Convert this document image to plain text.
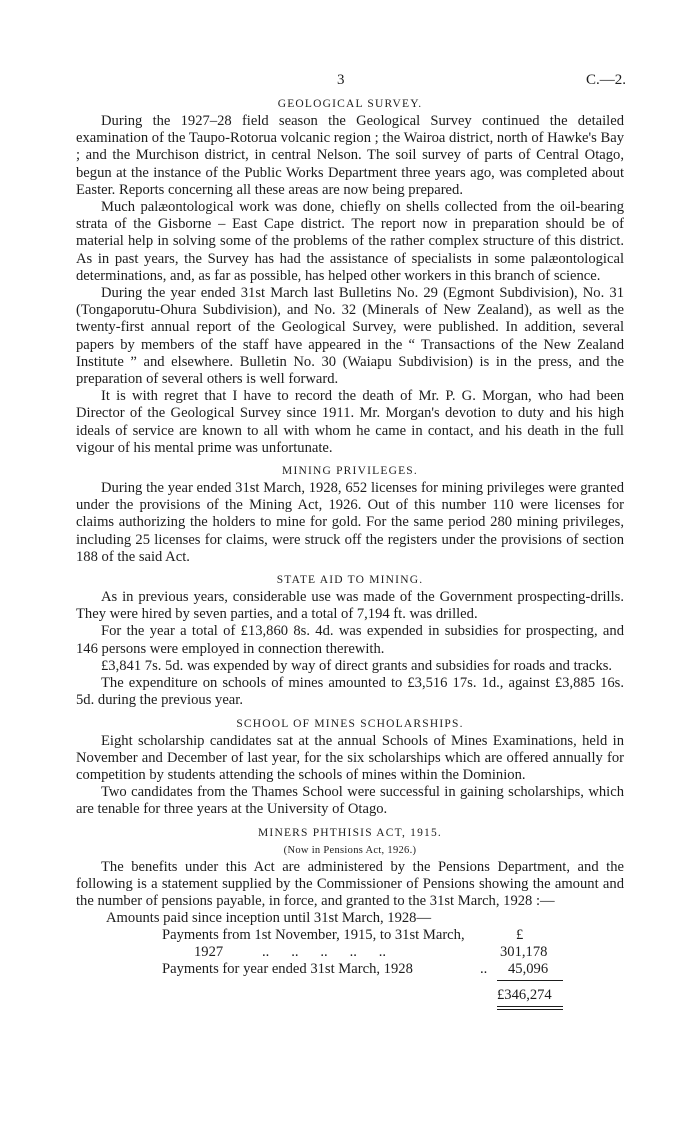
3	C.—2.
GEOLOGICAL SURVEY.

During the 1927–28 field season the Geological Survey continued the detailed examination of the Taupo-Rotorua volcanic region ; the Wairoa district, north of Hawke's Bay ; and the Murchison district, in central Nelson. The soil survey of parts of Central Otago, begun at the instance of the Public Works Department three years ago, was completed about Easter. Reports concerning all these areas are now being prepared.

Much palæontological work was done, chiefly on shells collected from the oil-bearing strata of the Gisborne – East Cape district. The report now in preparation should be of material help in solving some of the problems of the rather complex structure of this district. As in past years, the Survey has had the assistance of specialists in some palæontological determinations, and, as far as possible, has helped other workers in this branch of science.

During the year ended 31st March last Bulletins No. 29 (Egmont Subdivision), No. 31 (Tongaporutu-Ohura Subdivision), and No. 32 (Minerals of New Zealand), as well as the twenty-first annual report of the Geological Survey, were published. In addition, several papers by members of the staff have appeared in the “ Transactions of the New Zealand Institute ” and elsewhere. Bulletin No. 30 (Waiapu Subdivision) is in the press, and the preparation of several others is well forward.

It is with regret that I have to record the death of Mr. P. G. Morgan, who had been Director of the Geological Survey since 1911. Mr. Morgan's devotion to duty and his high ideals of service are known to all with whom he came in contact, and his death in the full vigour of his mental prime was unfortunate.

MINING PRIVILEGES.

During the year ended 31st March, 1928, 652 licenses for mining privileges were granted under the provisions of the Mining Act, 1926. Out of this number 110 were licenses for claims authorizing the holders to mine for gold. For the same period 280 mining privileges, including 25 licenses for claims, were struck off the registers under the provisions of section 188 of the said Act.

STATE AID TO MINING.

As in previous years, considerable use was made of the Government prospecting-drills. They were hired by seven parties, and a total of 7,194 ft. was drilled.

For the year a total of £13,860 8s. 4d. was expended in subsidies for prospecting, and 146 persons were employed in connection therewith.

£3,841 7s. 5d. was expended by way of direct grants and subsidies for roads and tracks.

The expenditure on schools of mines amounted to £3,516 17s. 1d., against £3,885 16s. 5d. during the previous year.

SCHOOL OF MINES SCHOLARSHIPS.

Eight scholarship candidates sat at the annual Schools of Mines Examinations, held in November and December of last year, for the six scholarships which are offered annually for competition by students attending the schools of mines within the Dominion.

Two candidates from the Thames School were successful in gaining scholarships, which are tenable for three years at the University of Otago.

MINERS PHTHISIS ACT, 1915.
(Now in Pensions Act, 1926.)

The benefits under this Act are administered by the Pensions Department, and the following is a statement supplied by the Commissioner of Pensions showing the amount and the number of pensions payable, in force, and granted to the 31st March, 1928 :—

Amounts paid since inception until 31st March, 1928—
Payments from 1st November, 1915, to 31st March,	£
1927	..      ..      ..      ..      ..	301,178
Payments for year ended 31st March, 1928	.. 45,096
£346,274
